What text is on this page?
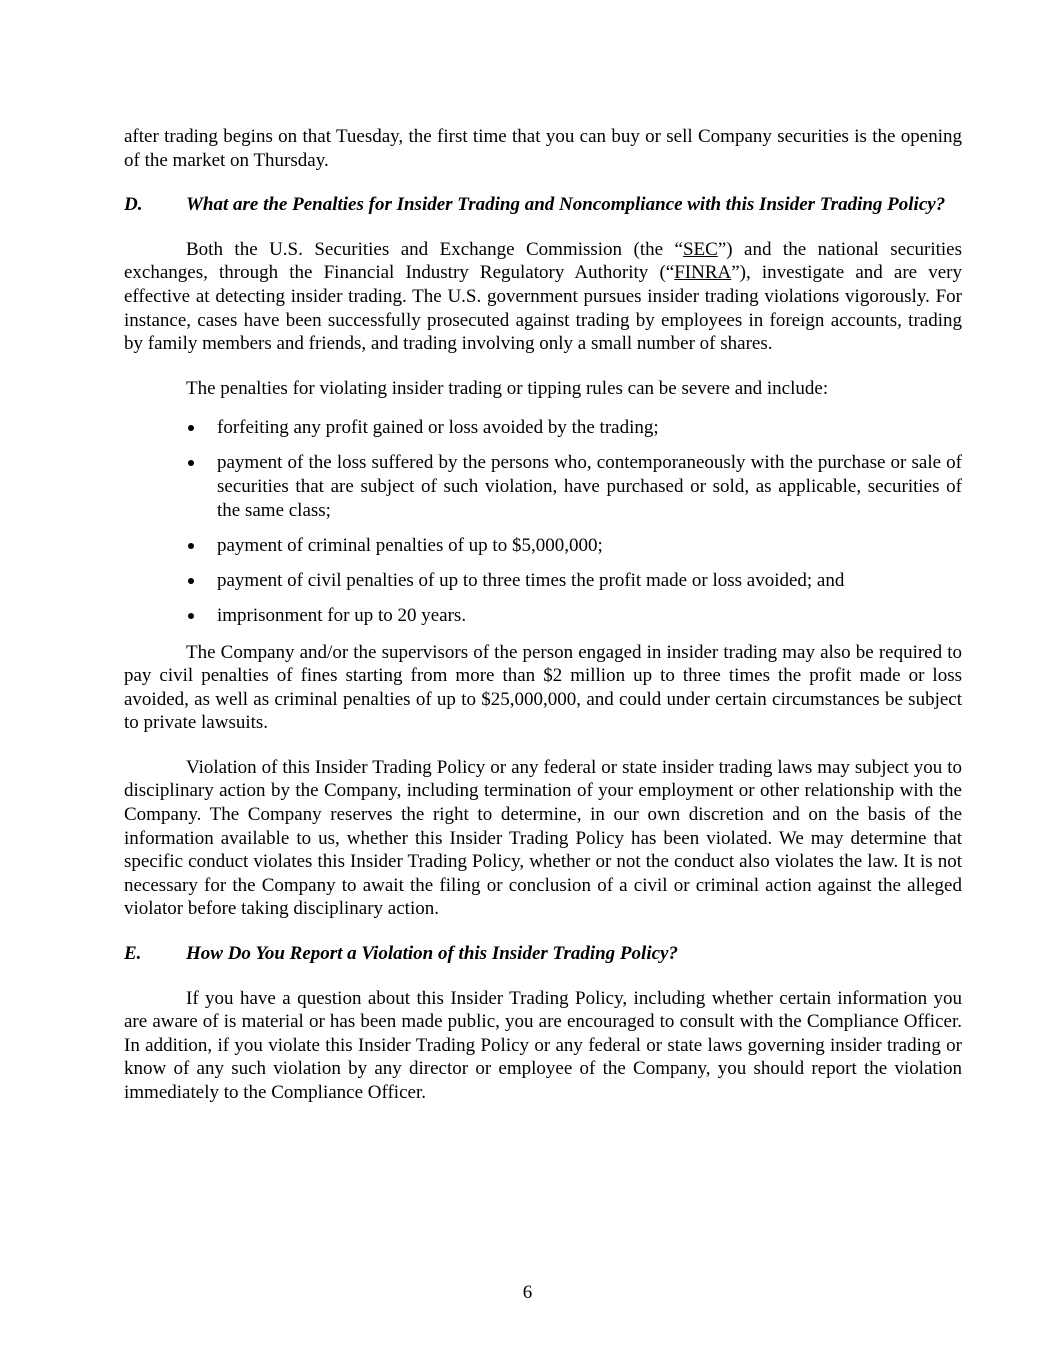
after trading begins on that Tuesday, the first time that you can buy or sell Company securities is the opening of the market on Thursday.

D.	What are the Penalties for Insider Trading and Noncompliance with this Insider Trading Policy?

Both the U.S. Securities and Exchange Commission (the “SEC”) and the national securities exchanges, through the Financial Industry Regulatory Authority (“FINRA”), investigate and are very effective at detecting insider trading. The U.S. government pursues insider trading violations vigorously. For instance, cases have been successfully prosecuted against trading by employees in foreign accounts, trading by family members and friends, and trading involving only a small number of shares.

The penalties for violating insider trading or tipping rules can be severe and include:

forfeiting any profit gained or loss avoided by the trading;
payment of the loss suffered by the persons who, contemporaneously with the purchase or sale of securities that are subject of such violation, have purchased or sold, as applicable, securities of the same class;
payment of criminal penalties of up to $5,000,000;
payment of civil penalties of up to three times the profit made or loss avoided; and
imprisonment for up to 20 years.

The Company and/or the supervisors of the person engaged in insider trading may also be required to pay civil penalties of fines starting from more than $2 million up to three times the profit made or loss avoided, as well as criminal penalties of up to $25,000,000, and could under certain circumstances be subject to private lawsuits.

Violation of this Insider Trading Policy or any federal or state insider trading laws may subject you to disciplinary action by the Company, including termination of your employment or other relationship with the Company. The Company reserves the right to determine, in our own discretion and on the basis of the information available to us, whether this Insider Trading Policy has been violated. We may determine that specific conduct violates this Insider Trading Policy, whether or not the conduct also violates the law. It is not necessary for the Company to await the filing or conclusion of a civil or criminal action against the alleged violator before taking disciplinary action.

E.	How Do You Report a Violation of this Insider Trading Policy?

If you have a question about this Insider Trading Policy, including whether certain information you are aware of is material or has been made public, you are encouraged to consult with the Compliance Officer. In addition, if you violate this Insider Trading Policy or any federal or state laws governing insider trading or know of any such violation by any director or employee of the Company, you should report the violation immediately to the Compliance Officer.

6
